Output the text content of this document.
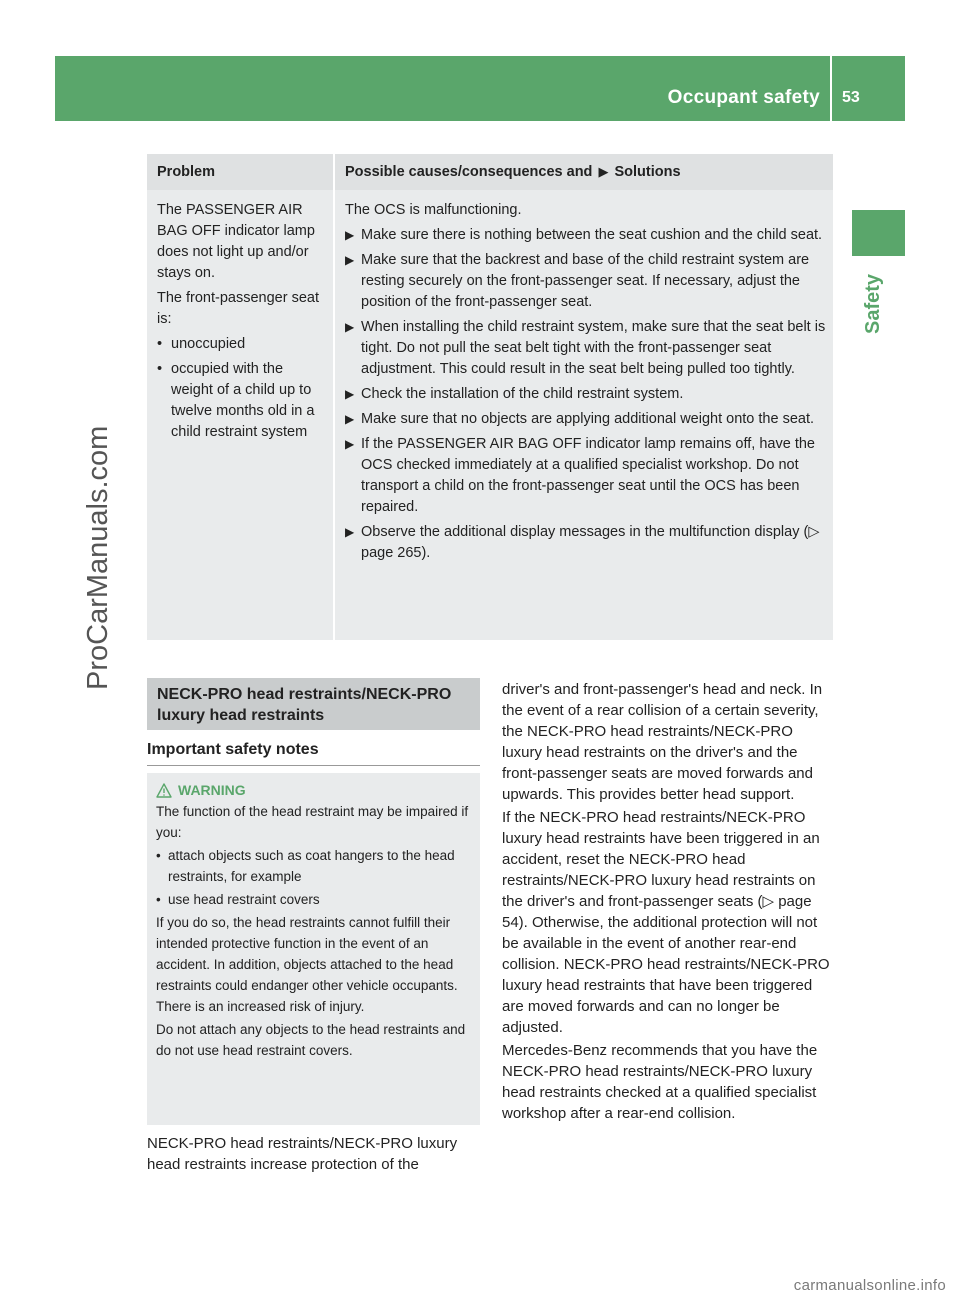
Occupant safety 53
Safety
ProCarManuals.com
carmanualsonline.info
Problem	Possible causes/consequences and ▶ Solutions

The PASSENGER AIR BAG OFF indicator lamp does not light up and/or stays on.

The front-passenger seat is:

• unoccupied
• occupied with the weight of a child up to twelve months old in a child restraint system

The OCS is malfunctioning.

▶ Make sure there is nothing between the seat cushion and the child seat.
▶ Make sure that the backrest and base of the child restraint system are resting securely on the front-passenger seat. If necessary, adjust the position of the front-passenger seat.
▶ When installing the child restraint system, make sure that the seat belt is tight. Do not pull the seat belt tight with the front-passenger seat adjustment. This could result in the seat belt being pulled too tightly.
▶ Check the installation of the child restraint system.
▶ Make sure that no objects are applying additional weight onto the seat.
▶ If the PASSENGER AIR BAG OFF indicator lamp remains off, have the OCS checked immediately at a qualified specialist workshop. Do not transport a child on the front-passenger seat until the OCS has been repaired.
▶ Observe the additional display messages in the multifunction display (▷ page 265).
NECK-PRO head restraints/NECK-PRO luxury head restraints
Important safety notes
WARNING

The function of the head restraint may be impaired if you:

• attach objects such as coat hangers to the head restraints, for example
• use head restraint covers

If you do so, the head restraints cannot fulfill their intended protective function in the event of an accident. In addition, objects attached to the head restraints could endanger other vehicle occupants. There is an increased risk of injury.

Do not attach any objects to the head restraints and do not use head restraint covers.

NECK-PRO head restraints/NECK-PRO luxury head restraints increase protection of the

driver's and front-passenger's head and neck. In the event of a rear collision of a certain severity, the NECK-PRO head restraints/NECK-PRO luxury head restraints on the driver's and the front-passenger seats are moved forwards and upwards. This provides better head support.

If the NECK-PRO head restraints/NECK-PRO luxury head restraints have been triggered in an accident, reset the NECK-PRO head restraints/NECK-PRO luxury head restraints on the driver's and front-passenger seats (▷ page 54). Otherwise, the additional protection will not be available in the event of another rear-end collision. NECK-PRO head restraints/NECK-PRO luxury head restraints that have been triggered are moved forwards and can no longer be adjusted.

Mercedes-Benz recommends that you have the NECK-PRO head restraints/NECK-PRO luxury head restraints checked at a qualified specialist workshop after a rear-end collision.
